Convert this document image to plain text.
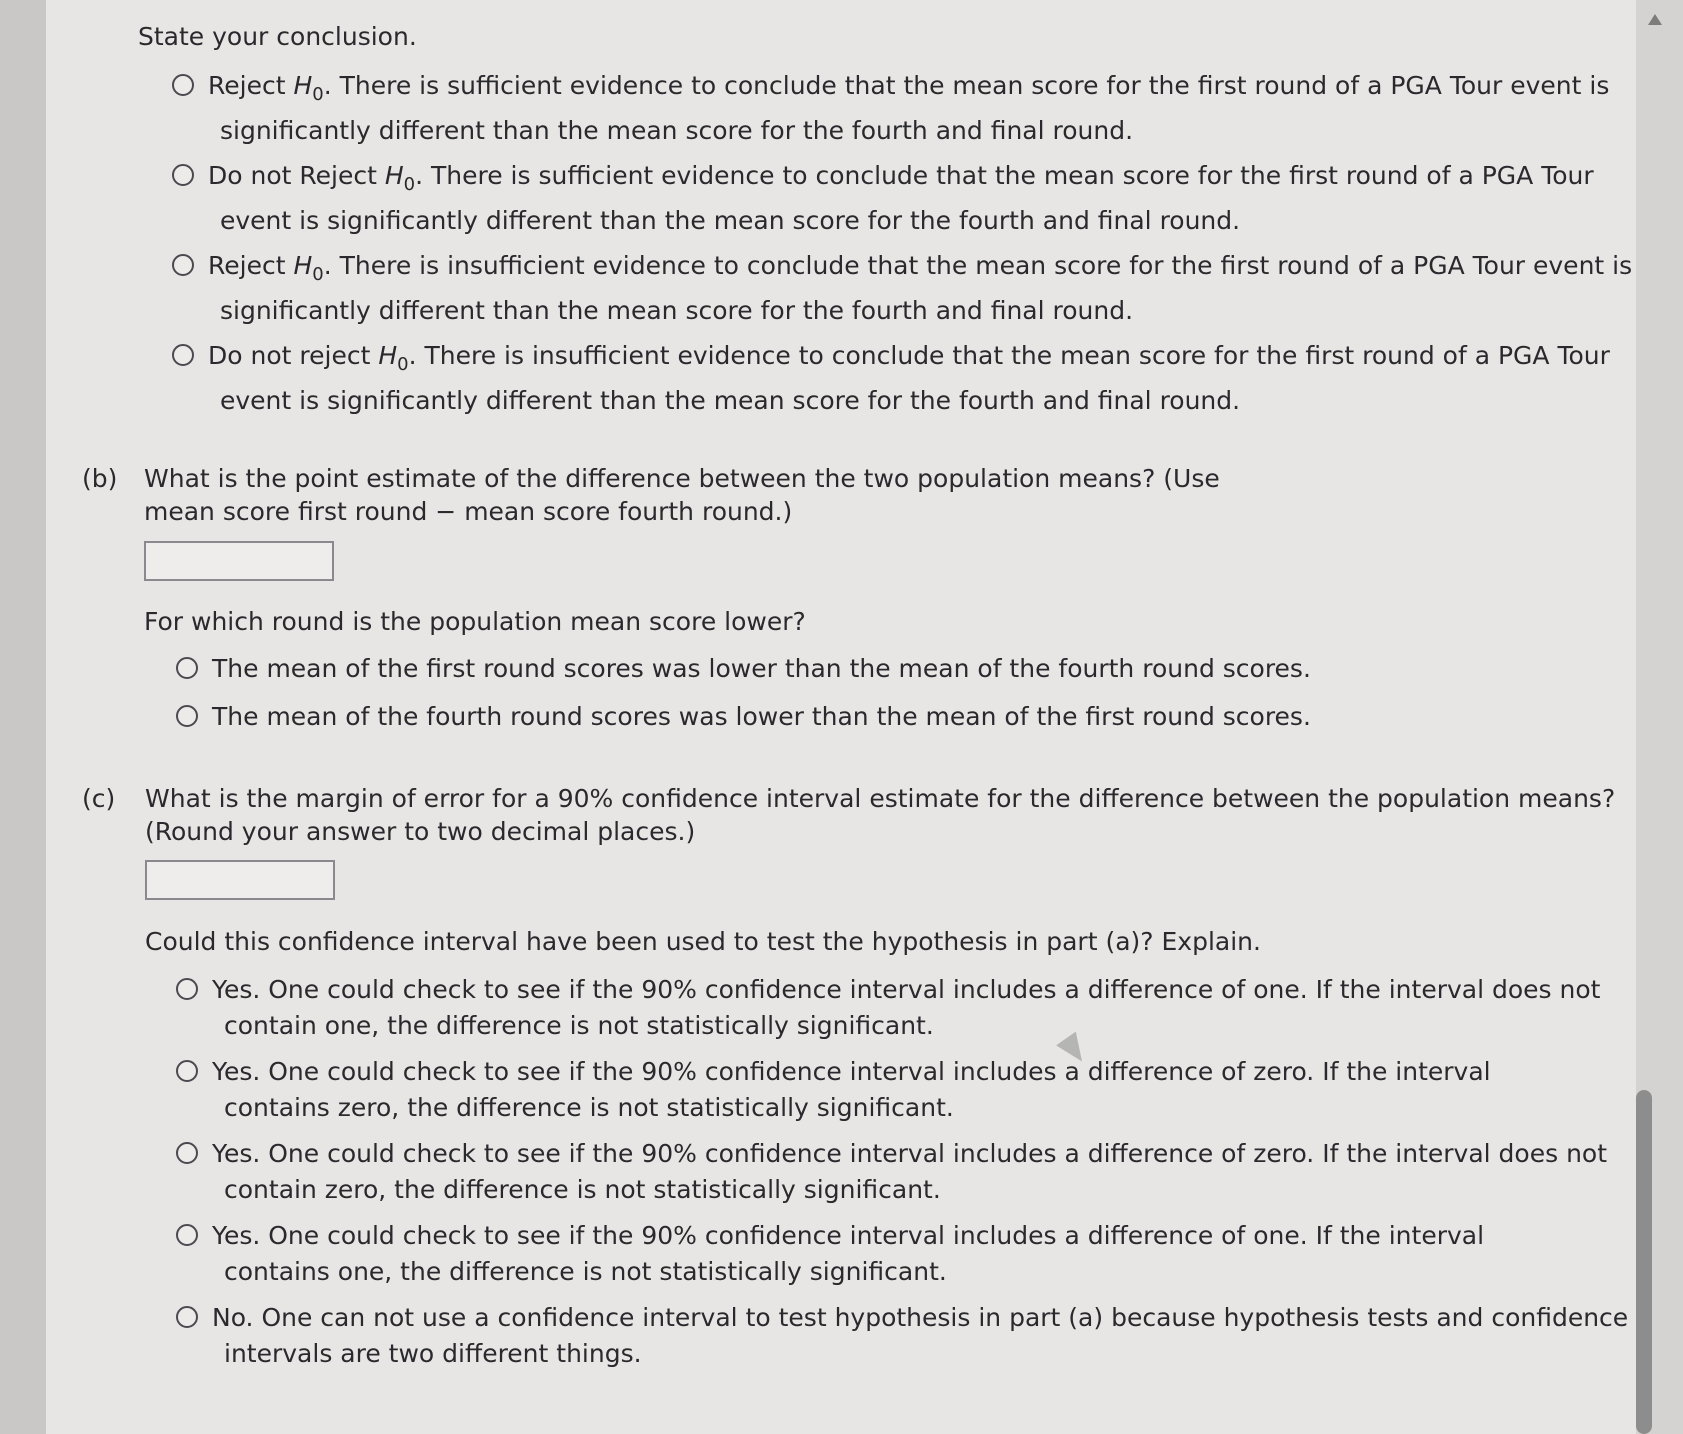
State your conclusion.
Reject $H_0$. There is sufficient evidence to conclude that the mean score for the first round of a PGA Tour event is
significantly different than the mean score for the fourth and final round.
Do not Reject $H_0$. There is sufficient evidence to conclude that the mean score for the first round of a PGA Tour
event is significantly different than the mean score for the fourth and final round.
Reject $H_0$. There is insufficient evidence to conclude that the mean score for the first round of a PGA Tour event is
significantly different than the mean score for the fourth and final round.
Do not reject $H_0$. There is insufficient evidence to conclude that the mean score for the first round of a PGA Tour
event is significantly different than the mean score for the fourth and final round.
(b) What is the point estimate of the difference between the two population means? (Use
mean score first round − mean score fourth round.)
For which round is the population mean score lower?
The mean of the first round scores was lower than the mean of the fourth round scores.
The mean of the fourth round scores was lower than the mean of the first round scores.
(c) What is the margin of error for a 90% confidence interval estimate for the difference between the population means?
(Round your answer to two decimal places.)
Could this confidence interval have been used to test the hypothesis in part (a)? Explain.
Yes. One could check to see if the 90% confidence interval includes a difference of one. If the interval does not
contain one, the difference is not statistically significant.
Yes. One could check to see if the 90% confidence interval includes a difference of zero. If the interval
contains zero, the difference is not statistically significant.
Yes. One could check to see if the 90% confidence interval includes a difference of zero. If the interval does not
contain zero, the difference is not statistically significant.
Yes. One could check to see if the 90% confidence interval includes a difference of one. If the interval
contains one, the difference is not statistically significant.
No. One can not use a confidence interval to test hypothesis in part (a) because hypothesis tests and confidence
intervals are two different things.
